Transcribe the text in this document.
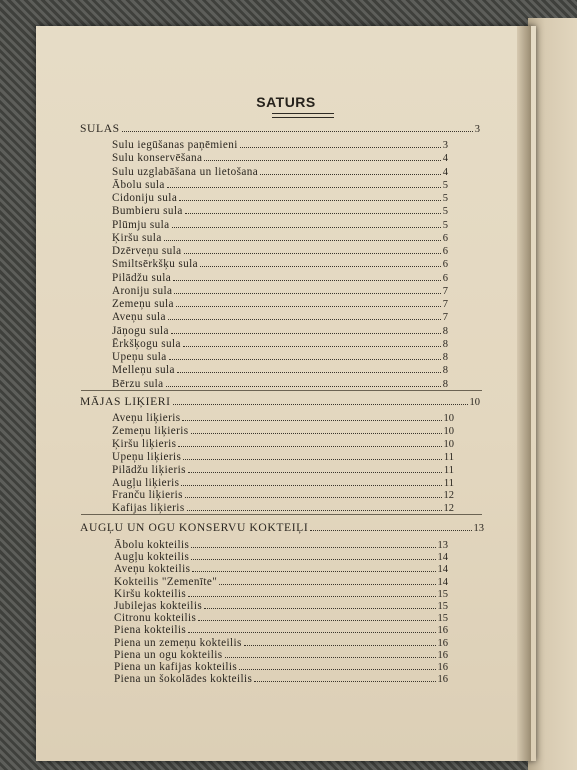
SATURS
SULAS	3
Sulu iegūšanas paņēmieni	3
Sulu konservēšana	4
Sulu uzglabāšana un lietošana	4
Ābolu sula	5
Cidoniju sula	5
Bumbieru sula	5
Plūmju sula	5
Ķiršu sula	6
Dzērveņu sula	6
Smiltsērkšķu sula	6
Pilādžu sula	6
Aroniju sula	7
Zemeņu sula	7
Aveņu sula	7
Jāņogu sula	8
Ērkšķogu sula	8
Upeņu sula	8
Melleņu sula	8
Bērzu sula	8
MĀJAS LIĶIERI	10
Aveņu liķieris	10
Zemeņu liķieris	10
Ķiršu liķieris	10
Upeņu liķieris	11
Pilādžu liķieris	11
Augļu liķieris	11
Franču liķieris	12
Kafijas liķieris	12
AUGĻU UN OGU KONSERVU KOKTEIĻI	13
Ābolu kokteilis	13
Augļu kokteilis	14
Aveņu kokteilis	14
Kokteilis "Zemenīte"	14
Kiršu kokteilis	15
Jubilejas kokteilis	15
Citronu kokteilis	15
Piena kokteilis	16
Piena un zemeņu kokteilis	16
Piena un ogu kokteilis	16
Piena un kafijas kokteilis	16
Piena un šokolādes kokteilis	16
